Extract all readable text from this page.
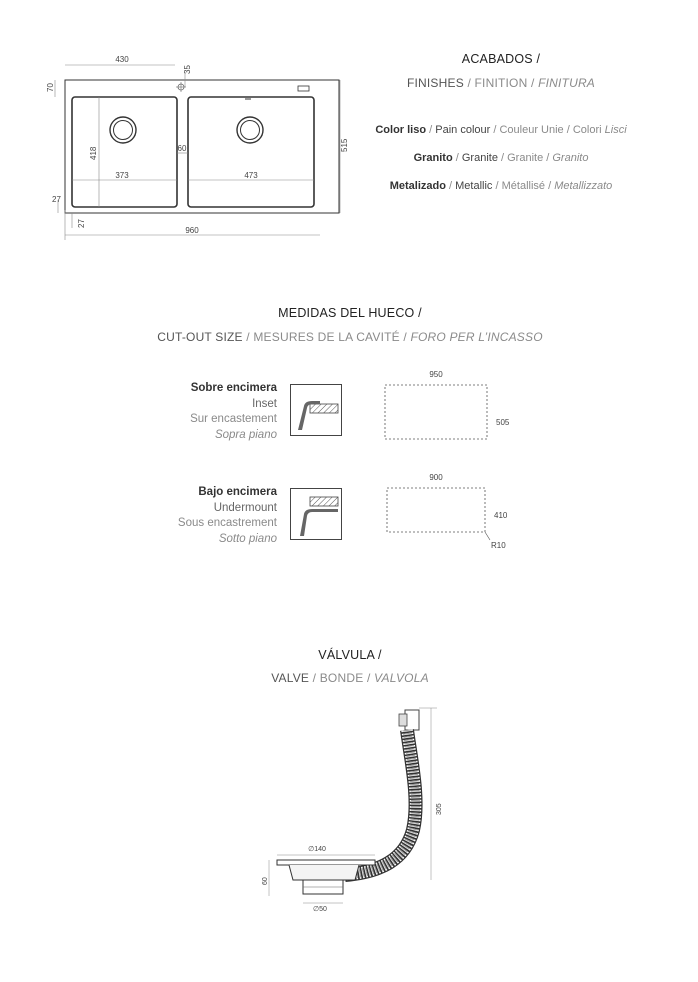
430
35
70
515
418	60
373	473
27
27
960
ACABADOS /
FINISHES / FINITION / FINITURA
Color liso / Pain colour / Couleur Unie / Colori Lisci
Granito / Granite / Granite / Granito
Metalizado / Metallic / Métallisé / Metallizzato
MEDIDAS DEL HUECO /
CUT-OUT SIZE / MESURES DE LA CAVITÉ / FORO PER L’INCASSO
Sobre encimera
Inset
Sur encastement
Sopra piano
950
505
Bajo encimera
Undermount
Sous encastrement
Sotto piano
900
410
R10
VÁLVULA /
VALVE / BONDE / VALVOLA
305
∅140
60
∅50
